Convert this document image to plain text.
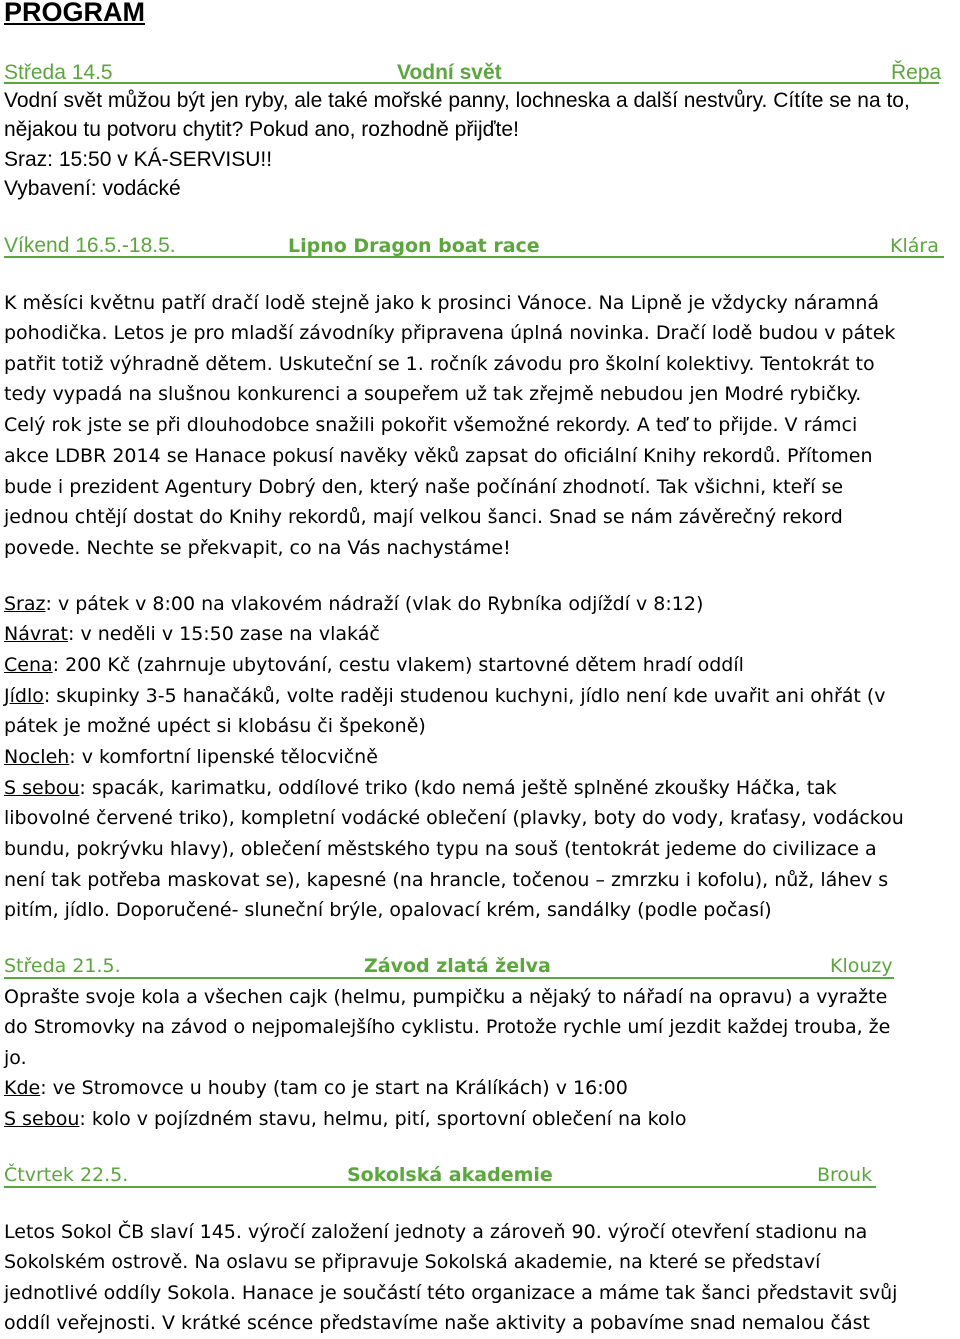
PROGRAM
Středa 14.5	Vodní svět	Řepa
Vodní svět můžou být jen ryby, ale také mořské panny, lochneska a další nestvůry. Cítíte se na to,
nějakou tu potvoru chytit? Pokud ano, rozhodně přijďte!
Sraz: 15:50 v KÁ-SERVISU!!
Vybavení: vodácké
Víkend 16.5.-18.5.	Lipno Dragon boat race	Klára
K měsíci květnu patří dračí lodě stejně jako k prosinci Vánoce. Na Lipně je vždycky náramná
pohodička. Letos je pro mladší závodníky připravena úplná novinka. Dračí lodě budou v pátek
patřit totiž výhradně dětem. Uskuteční se 1. ročník závodu pro školní kolektivy. Tentokrát to
tedy vypadá na slušnou konkurenci a soupeřem už tak zřejmě nebudou jen Modré rybičky.
Celý rok jste se při dlouhodobce snažili pokořit všemožné rekordy. A teď to přijde. V rámci
akce LDBR 2014 se Hanace pokusí navěky věků zapsat do oficiální Knihy rekordů. Přítomen
bude i prezident Agentury Dobrý den, který naše počínání zhodnotí. Tak všichni, kteří se
jednou chtějí dostat do Knihy rekordů, mají velkou šanci. Snad se nám závěrečný rekord
povede. Nechte se překvapit, co na Vás nachystáme!
Sraz: v pátek v 8:00 na vlakovém nádraží (vlak do Rybníka odjíždí v 8:12)
Návrat: v neděli v 15:50 zase na vlakáč
Cena: 200 Kč (zahrnuje ubytování, cestu vlakem) startovné dětem hradí oddíl
Jídlo: skupinky 3-5 hanačáků, volte raději studenou kuchyni, jídlo není kde uvařit ani ohřát (v
pátek je možné upéct si klobásu či špekoně)
Nocleh: v komfortní lipenské tělocvičně
S sebou: spacák, karimatku, oddílové triko (kdo nemá ještě splněné zkoušky Háčka, tak
libovolné červené triko), kompletní vodácké oblečení (plavky, boty do vody, kraťasy, vodáckou
bundu, pokrývku hlavy), oblečení městského typu na souš (tentokrát jedeme do civilizace a
není tak potřeba maskovat se), kapesné (na hrancle, točenou – zmrzku i kofolu), nůž, láhev s
pitím, jídlo. Doporučené- sluneční brýle, opalovací krém, sandálky (podle počasí)
Středa 21.5.	Závod zlatá želva	Klouzy
Oprašte svoje kola a všechen cajk (helmu, pumpičku a nějaký to nářadí na opravu) a vyražte
do Stromovky na závod o nejpomalejšího cyklistu. Protože rychle umí jezdit každej trouba, že
jo.
Kde: ve Stromovce u houby (tam co je start na Králíkách) v 16:00
S sebou: kolo v pojízdném stavu, helmu, pití, sportovní oblečení na kolo
Čtvrtek 22.5.	Sokolská akademie	Brouk
Letos Sokol ČB slaví 145. výročí založení jednoty a zároveň 90. výročí otevření stadionu na
Sokolském ostrově. Na oslavu se připravuje Sokolská akademie, na které se představí
jednotlivé oddíly Sokola. Hanace je součástí této organizace a máme tak šanci představit svůj
oddíl veřejnosti. V krátké scénce představíme naše aktivity a pobavíme snad nemalou část
